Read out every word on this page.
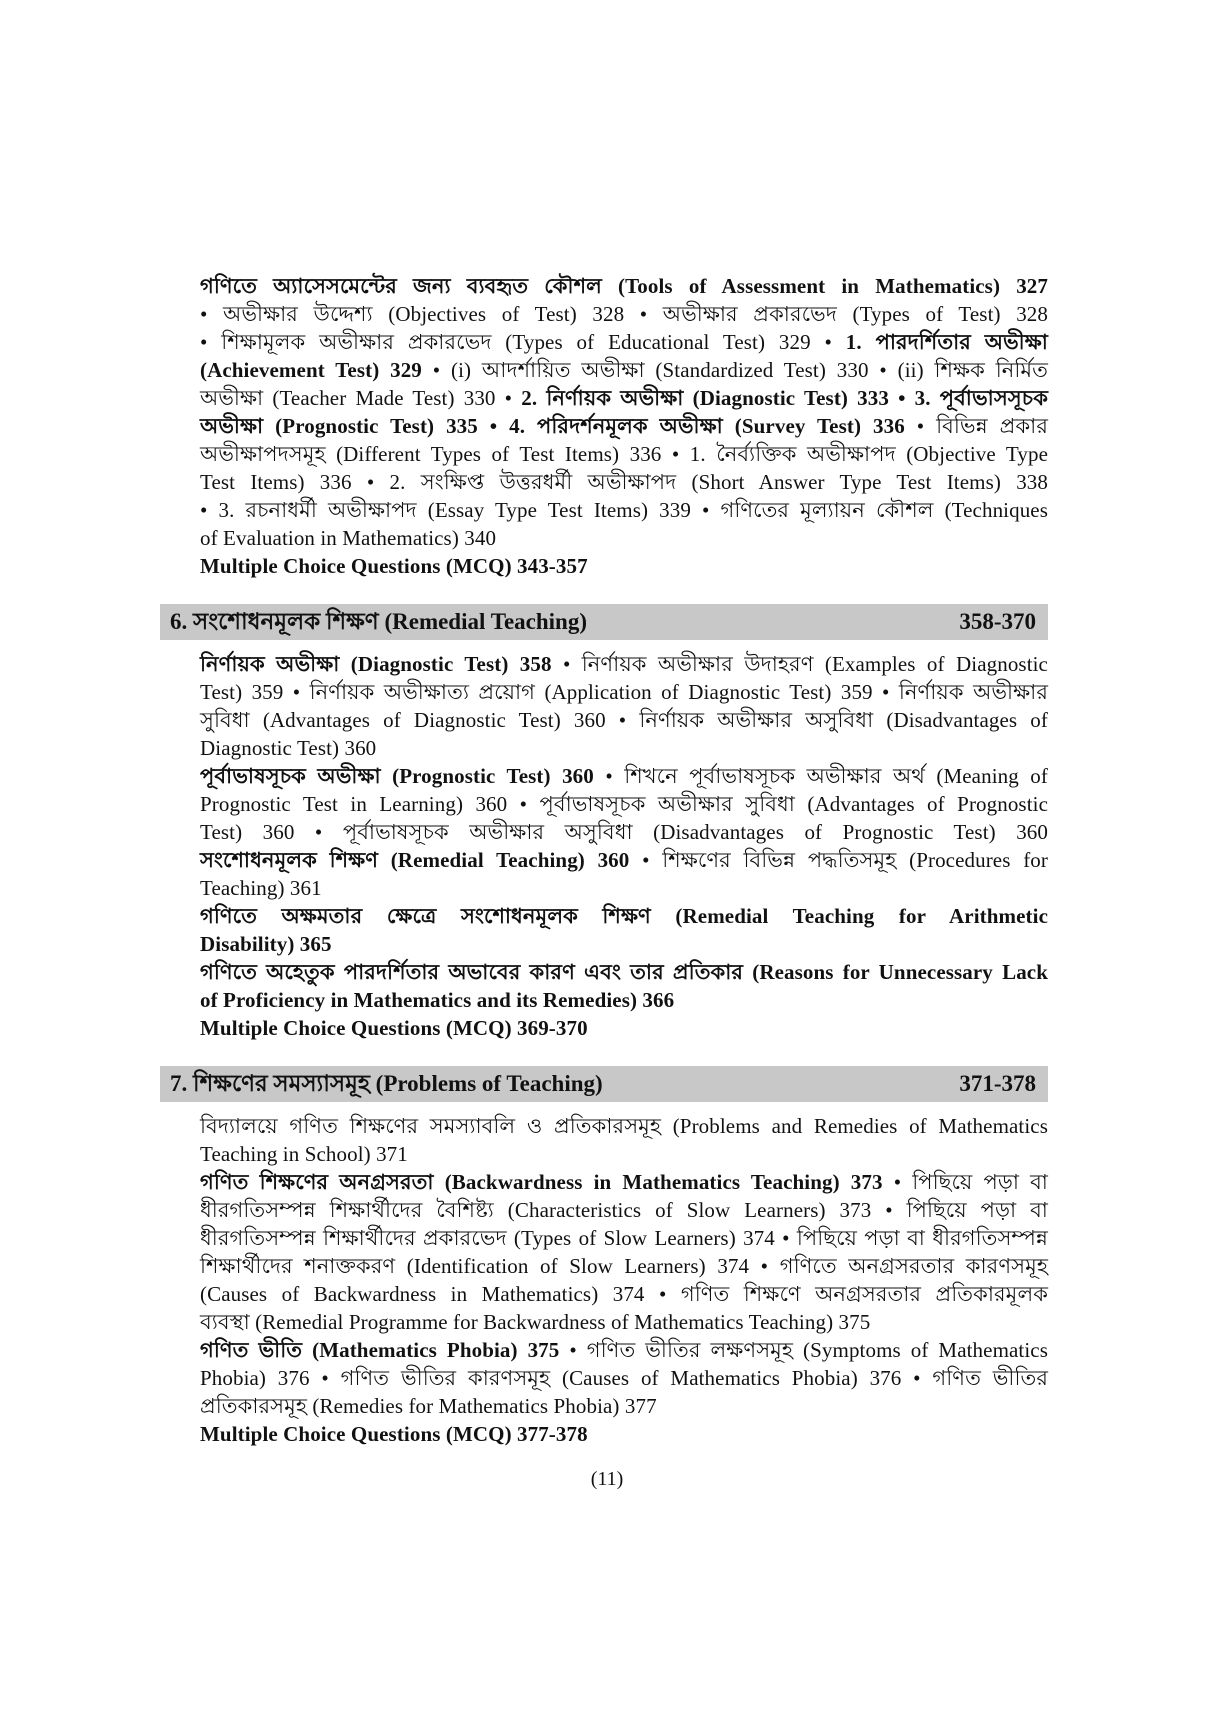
গণিতে অ্যাসেসমেন্টের জন্য ব্যবহৃত কৌশল (Tools of Assessment in Mathematics) 327
• অভীক্ষার উদ্দেশ্য (Objectives of Test) 328 • অভীক্ষার প্রকারভেদ (Types of Test) 328
• শিক্ষামূলক অভীক্ষার প্রকারভেদ (Types of Educational Test) 329 • 1. পারদর্শিতার অভীক্ষা
(Achievement Test) 329 • (i) আদর্শায়িত অভীক্ষা (Standardized Test) 330 • (ii) শিক্ষক নির্মিত
অভীক্ষা (Teacher Made Test) 330 • 2. নির্ণায়ক অভীক্ষা (Diagnostic Test) 333 • 3. পূর্বাভাসসূচক
অভীক্ষা (Prognostic Test) 335 • 4. পরিদর্শনমূলক অভীক্ষা (Survey Test) 336 • বিভিন্ন প্রকার
অভীক্ষাপদসমূহ (Different Types of Test Items) 336 • 1. নৈর্ব্যক্তিক অভীক্ষাপদ (Objective Type
Test Items) 336 • 2. সংক্ষিপ্ত উত্তরধর্মী অভীক্ষাপদ (Short Answer Type Test Items) 338
• 3. রচনাধর্মী অভীক্ষাপদ (Essay Type Test Items) 339 • গণিতের মূল্যায়ন কৌশল (Techniques
of Evaluation in Mathematics) 340
Multiple Choice Questions (MCQ) 343-357
6. সংশোধনমূলক শিক্ষণ (Remedial Teaching)	358-370
নির্ণায়ক অভীক্ষা (Diagnostic Test) 358 • নির্ণায়ক অভীক্ষার উদাহরণ (Examples of Diagnostic
Test) 359 • নির্ণায়ক অভীক্ষাত্য প্রয়োগ (Application of Diagnostic Test) 359 • নির্ণায়ক অভীক্ষার
সুবিধা (Advantages of Diagnostic Test) 360 • নির্ণায়ক অভীক্ষার অসুবিধা (Disadvantages of
Diagnostic Test) 360
পূর্বাভাষসূচক অভীক্ষা (Prognostic Test) 360 • শিখনে পূর্বাভাষসূচক অভীক্ষার অর্থ (Meaning of
Prognostic Test in Learning) 360 • পূর্বাভাষসূচক অভীক্ষার সুবিধা (Advantages of Prognostic
Test) 360 • পূর্বাভাষসূচক অভীক্ষার অসুবিধা (Disadvantages of Prognostic Test) 360
সংশোধনমূলক শিক্ষণ (Remedial Teaching) 360 • শিক্ষণের বিভিন্ন পদ্ধতিসমূহ (Procedures for
Teaching) 361
গণিতে অক্ষমতার ক্ষেত্রে সংশোধনমূলক শিক্ষণ (Remedial Teaching for Arithmetic
Disability) 365
গণিতে অহেতুক পারদর্শিতার অভাবের কারণ এবং তার প্রতিকার (Reasons for Unnecessary Lack
of Proficiency in Mathematics and its Remedies) 366
Multiple Choice Questions (MCQ) 369-370
7. শিক্ষণের সমস্যাসমূহ (Problems of Teaching)	371-378
বিদ্যালয়ে গণিত শিক্ষণের সমস্যাবলি ও প্রতিকারসমূহ (Problems and Remedies of Mathematics
Teaching in School) 371
গণিত শিক্ষণের অনগ্রসরতা (Backwardness in Mathematics Teaching) 373 • পিছিয়ে পড়া বা
ধীরগতিসম্পন্ন শিক্ষার্থীদের বৈশিষ্ট্য (Characteristics of Slow Learners) 373 • পিছিয়ে পড়া বা
ধীরগতিসম্পন্ন শিক্ষার্থীদের প্রকারভেদ (Types of Slow Learners) 374 • পিছিয়ে পড়া বা ধীরগতিসম্পন্ন
শিক্ষার্থীদের শনাক্তকরণ (Identification of Slow Learners) 374 • গণিতে অনগ্রসরতার কারণসমূহ
(Causes of Backwardness in Mathematics) 374 • গণিত শিক্ষণে অনগ্রসরতার প্রতিকারমূলক
ব্যবস্থা (Remedial Programme for Backwardness of Mathematics Teaching) 375
গণিত ভীতি (Mathematics Phobia) 375 • গণিত ভীতির লক্ষণসমূহ (Symptoms of Mathematics
Phobia) 376 • গণিত ভীতির কারণসমূহ (Causes of Mathematics Phobia) 376 • গণিত ভীতির
প্রতিকারসমূহ (Remedies for Mathematics Phobia) 377
Multiple Choice Questions (MCQ) 377-378
(11)
